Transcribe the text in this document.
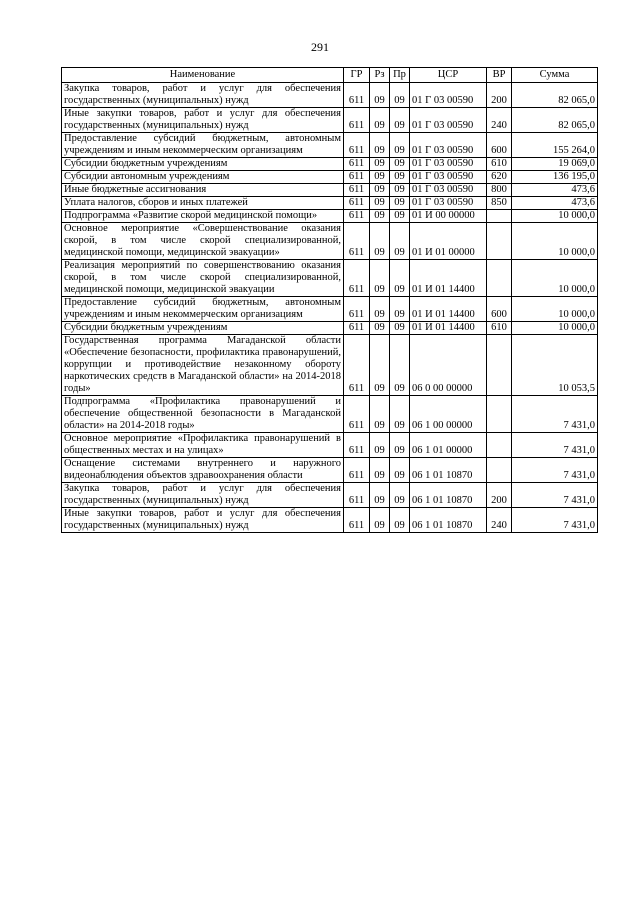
291
Наименование	ГР	Рз	Пр	ЦСР	ВР	Сумма
Закупка товаров, работ и услуг для обеспечения государственных (муниципальных) нужд	611	09	09	01 Г 03 00590	200	82 065,0
Иные закупки товаров, работ и услуг для обеспечения государственных (муниципальных) нужд	611	09	09	01 Г 03 00590	240	82 065,0
Предоставление субсидий бюджетным, автономным учреждениям и иным некоммерческим организациям	611	09	09	01 Г 03 00590	600	155 264,0
Субсидии бюджетным учреждениям	611	09	09	01 Г 03 00590	610	19 069,0
Субсидии автономным учреждениям	611	09	09	01 Г 03 00590	620	136 195,0
Иные бюджетные ассигнования	611	09	09	01 Г 03 00590	800	473,6
Уплата налогов, сборов и иных платежей	611	09	09	01 Г 03 00590	850	473,6
Подпрограмма «Развитие скорой медицинской помощи»	611	09	09	01 И 00 00000		10 000,0
Основное мероприятие «Совершенствование оказания скорой, в том числе скорой специализированной, медицинской помощи, медицинской эвакуации»	611	09	09	01 И 01 00000		10 000,0
Реализация мероприятий по совершенствованию оказания скорой, в том числе скорой специализированной, медицинской помощи, медицинской эвакуации	611	09	09	01 И 01 14400		10 000,0
Предоставление субсидий бюджетным, автономным учреждениям и иным некоммерческим организациям	611	09	09	01 И 01 14400	600	10 000,0
Субсидии бюджетным учреждениям	611	09	09	01 И 01 14400	610	10 000,0
Государственная программа Магаданской области «Обеспечение безопасности, профилактика правонарушений, коррупции и противодействие незаконному обороту наркотических средств в Магаданской области» на 2014-2018 годы»	611	09	09	06 0 00 00000		10 053,5
Подпрограмма «Профилактика правонарушений и обеспечение общественной безопасности в Магаданской области» на 2014-2018 годы»	611	09	09	06 1 00 00000		7 431,0
Основное мероприятие «Профилактика правонарушений в общественных местах и на улицах»	611	09	09	06 1 01 00000		7 431,0
Оснащение системами внутреннего и наружного видеонаблюдения объектов здравоохранения области	611	09	09	06 1 01 10870		7 431,0
Закупка товаров, работ и услуг для обеспечения государственных (муниципальных) нужд	611	09	09	06 1 01 10870	200	7 431,0
Иные закупки товаров, работ и услуг для обеспечения государственных (муниципальных) нужд	611	09	09	06 1 01 10870	240	7 431,0
